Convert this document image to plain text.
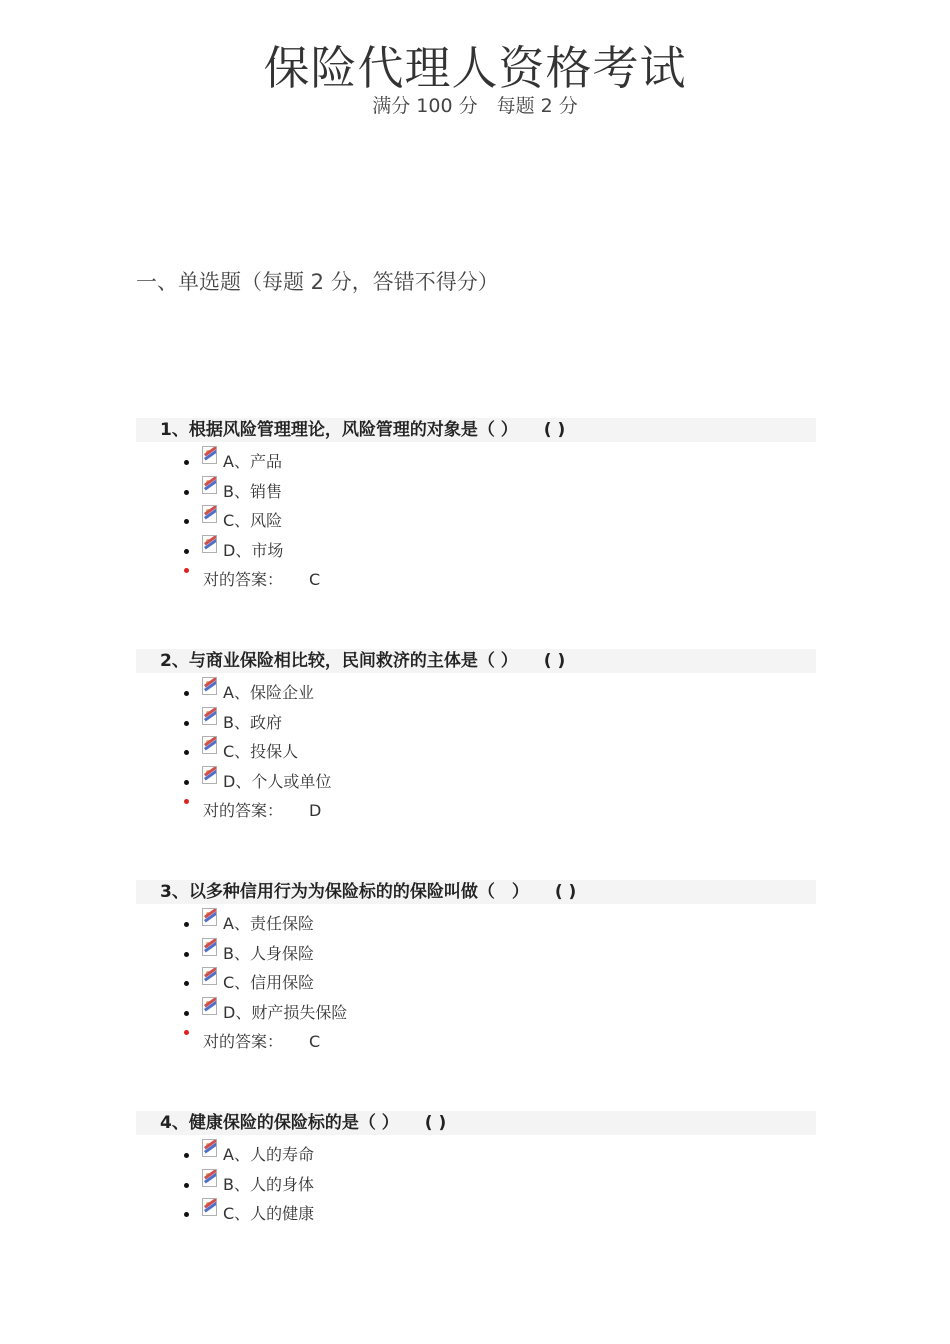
保险代理人资格考试
满分 100 分　每题 2 分
一、单选题（每题 2 分，答错不得分）
1、根据风险管理理论，风险管理的对象是（ ） ( )
A、产品
B、销售
C、风险
D、市场
对的答案： C
2、与商业保险相比较，民间救济的主体是（ ） ( )
A、保险企业
B、政府
C、投保人
D、个人或单位
对的答案： D
3、以多种信用行为为保险标的的保险叫做（　） ( )
A、责任保险
B、人身保险
C、信用保险
D、财产损失保险
对的答案： C
4、健康保险的保险标的是（ ） ( )
A、人的寿命
B、人的身体
C、人的健康
